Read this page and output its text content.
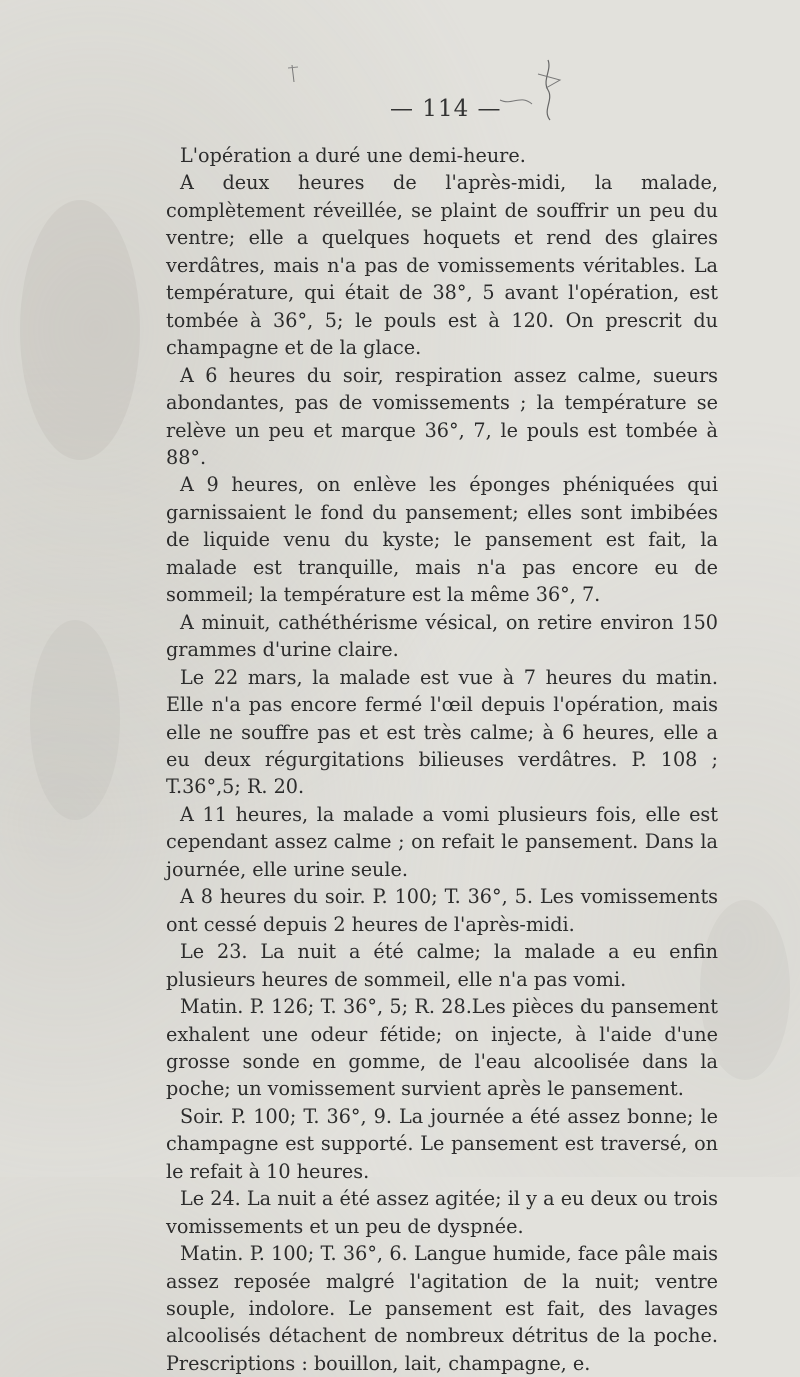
— 114 —

L'opération a duré une demi-heure.

A deux heures de l'après-midi, la malade, complètement réveillée, se plaint de souffrir un peu du ventre; elle a quelques hoquets et rend des glaires verdâtres, mais n'a pas de vomissements véritables. La température, qui était de 38°, 5 avant l'opération, est tombée à 36°, 5; le pouls est à 120. On prescrit du champagne et de la glace.

A 6 heures du soir, respiration assez calme, sueurs abondantes, pas de vomissements ; la température se relève un peu et marque 36°, 7, le pouls est tombée à 88°.

A 9 heures, on enlève les éponges phéniquées qui garnissaient le fond du pansement; elles sont imbibées de liquide venu du kyste; le pansement est fait, la malade est tranquille, mais n'a pas encore eu de sommeil; la température est la même 36°, 7.

A minuit, cathéthérisme vésical, on retire environ 150 grammes d'urine claire.

Le 22 mars, la malade est vue à 7 heures du matin. Elle n'a pas encore fermé l'œil depuis l'opération, mais elle ne souffre pas et est très calme; à 6 heures, elle a eu deux régurgitations bilieuses verdâtres. P. 108 ; T.36°,5; R. 20.

A 11 heures, la malade a vomi plusieurs fois, elle est cependant assez calme ; on refait le pansement. Dans la journée, elle urine seule.

A 8 heures du soir. P. 100; T. 36°, 5. Les vomissements ont cessé depuis 2 heures de l'après-midi.

Le 23. La nuit a été calme; la malade a eu enfin plusieurs heures de sommeil, elle n'a pas vomi.

Matin. P. 126; T. 36°, 5; R. 28.Les pièces du pansement exhalent une odeur fétide; on injecte, à l'aide d'une grosse sonde en gomme, de l'eau alcoolisée dans la poche; un vomissement survient après le pansement.

Soir. P. 100; T. 36°, 9. La journée a été assez bonne; le champagne est supporté. Le pansement est traversé, on le refait à 10 heures.

Le 24. La nuit a été assez agitée; il y a eu deux ou trois vomissements et un peu de dyspnée.

Matin. P. 100; T. 36°, 6. Langue humide, face pâle mais assez reposée malgré l'agitation de la nuit; ventre souple, indolore. Le pansement est fait, des lavages alcoolisés détachent de nombreux détritus de la poche. Prescriptions : bouillon, lait, champagne, e.
